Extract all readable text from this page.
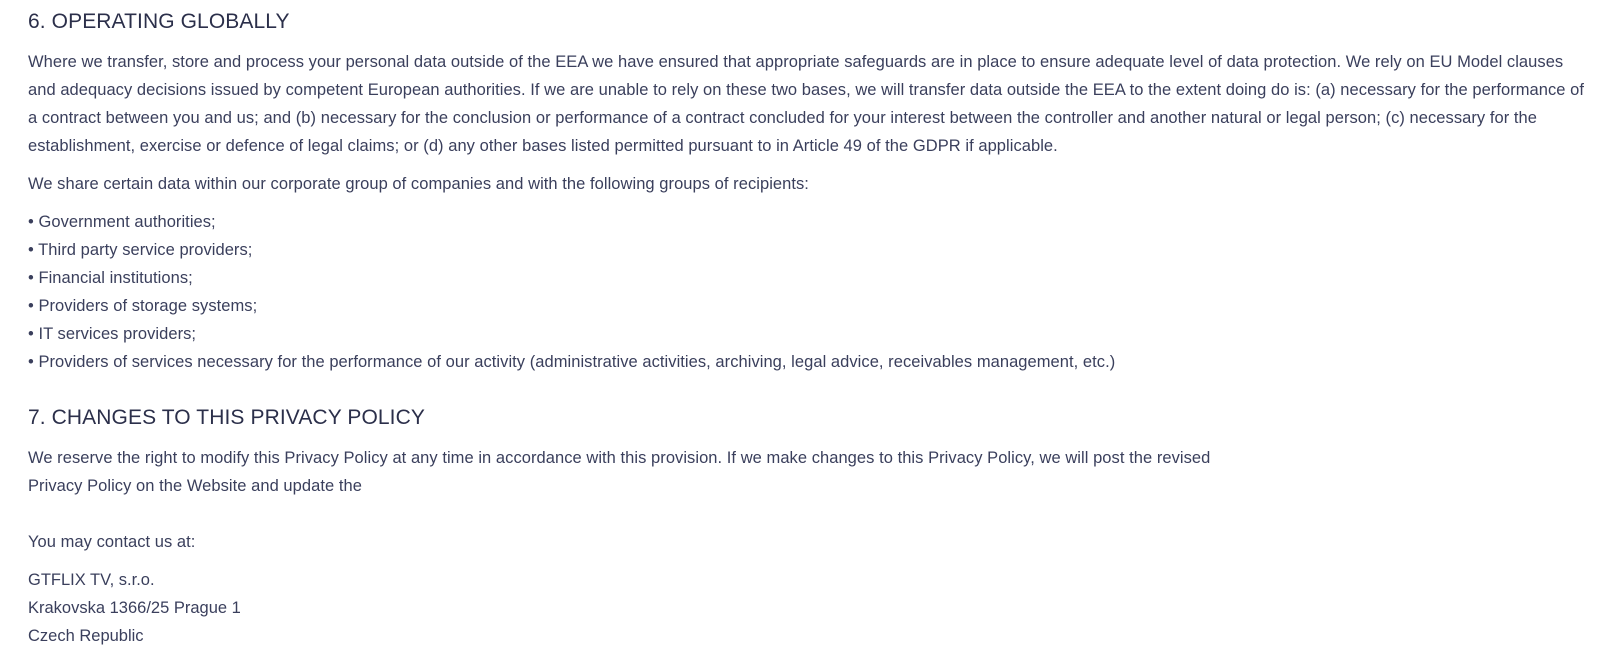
6. OPERATING GLOBALLY

Where we transfer, store and process your personal data outside of the EEA we have ensured that appropriate safeguards are in place to ensure adequate level of data protection. We rely on EU Model clauses and adequacy decisions issued by competent European authorities. If we are unable to rely on these two bases, we will transfer data outside the EEA to the extent doing do is: (a) necessary for the performance of a contract between you and us; and (b) necessary for the conclusion or performance of a contract concluded for your interest between the controller and another natural or legal person; (c) necessary for the establishment, exercise or defence of legal claims; or (d) any other bases listed permitted pursuant to in Article 49 of the GDPR if applicable.

We share certain data within our corporate group of companies and with the following groups of recipients:

• Government authorities;
• Third party service providers;
• Financial institutions;
• Providers of storage systems;
• IT services providers;
• Providers of services necessary for the performance of our activity (administrative activities, archiving, legal advice, receivables management, etc.)
7. CHANGES TO THIS PRIVACY POLICY

We reserve the right to modify this Privacy Policy at any time in accordance with this provision. If we make changes to this Privacy Policy, we will post the revised Privacy Policy on the Website and update the

You may contact us at:

GTFLIX TV, s.r.o.
Krakovska 1366/25 Prague 1
Czech Republic
